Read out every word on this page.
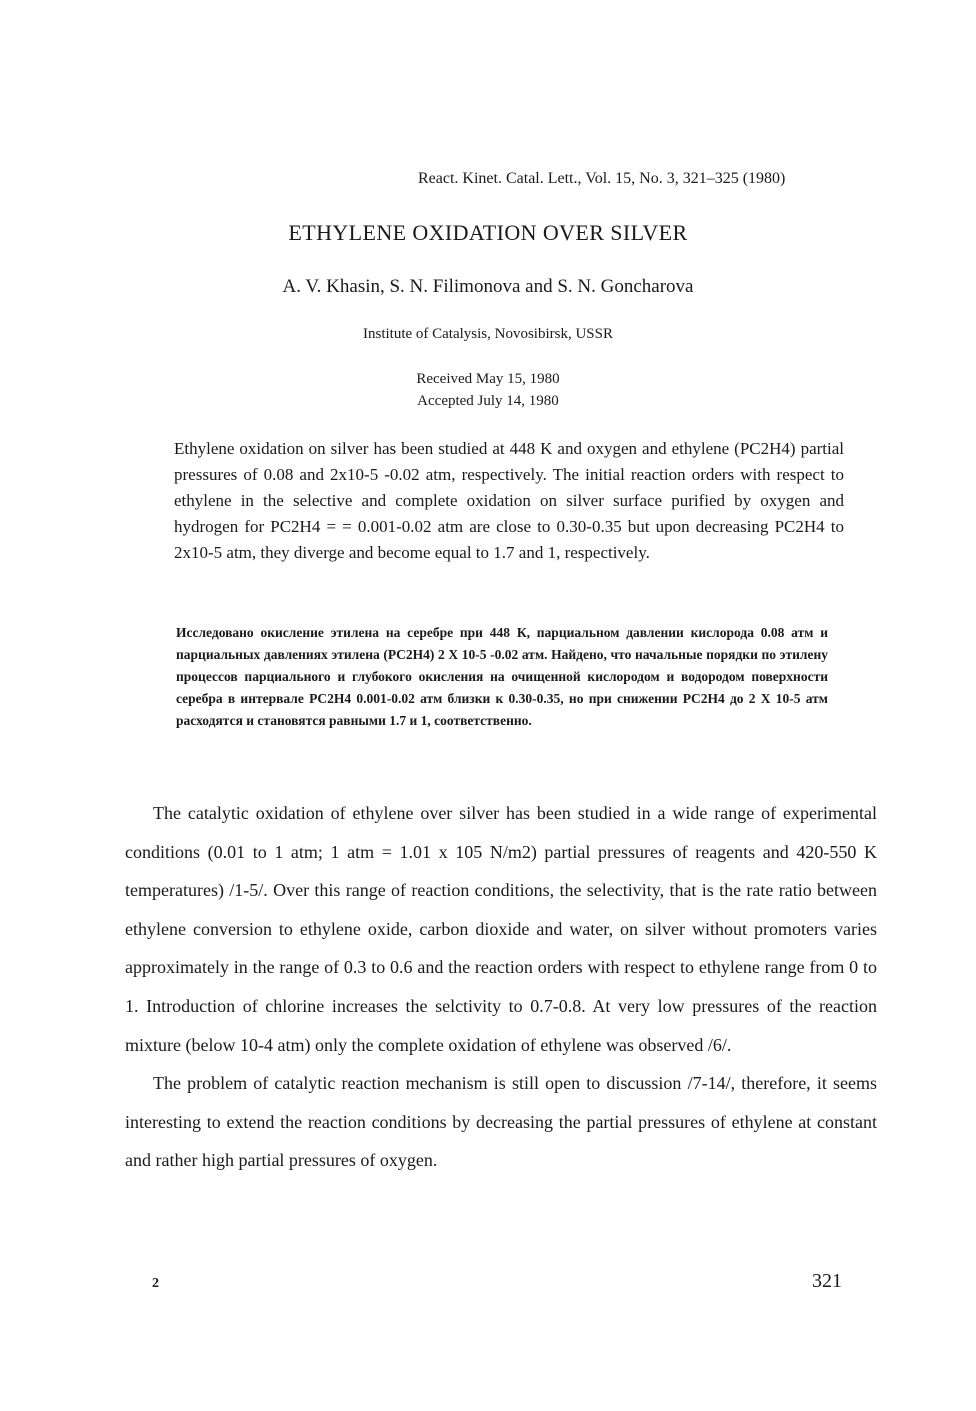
React. Kinet. Catal. Lett., Vol. 15, No. 3, 321–325 (1980)
ETHYLENE OXIDATION OVER SILVER
A. V. Khasin, S. N. Filimonova and S. N. Goncharova
Institute of Catalysis, Novosibirsk, USSR
Received May 15, 1980
Accepted July 14, 1980
Ethylene oxidation on silver has been studied at 448 K and oxygen and ethylene (PC2H4) partial pressures of 0.08 and 2x10-5 -0.02 atm, respectively. The initial reaction orders with respect to ethylene in the selective and complete oxidation on silver surface purified by oxygen and hydrogen for PC2H4 = = 0.001-0.02 atm are close to 0.30-0.35 but upon decreasing PC2H4 to 2x10-5 atm, they diverge and become equal to 1.7 and 1, respectively.
Исследовано окисление этилена на серебре при 448 К, парциальном давлении кислорода 0.08 атм и парциальных давлениях этилена (PC2H4) 2 X 10-5 -0.02 атм. Найдено, что начальные порядки по этилену процессов парциального и глубокого окисления на очищенной кислородом и водородом поверхности серебра в интервале PC2H4 0.001-0.02 атм близки к 0.30-0.35, но при снижении PC2H4 до 2 X 10-5 атм расходятся и становятся равными 1.7 и 1, соответственно.

The catalytic oxidation of ethylene over silver has been studied in a wide range of experimental conditions (0.01 to 1 atm; 1 atm = 1.01 x 105 N/m2) partial pressures of reagents and 420-550 K temperatures) /1-5/. Over this range of reaction conditions, the selectivity, that is the rate ratio between ethylene conversion to ethylene oxide, carbon dioxide and water, on silver without promoters varies approximately in the range of 0.3 to 0.6 and the reaction orders with respect to ethylene range from 0 to 1. Introduction of chlorine increases the selctivity to 0.7-0.8. At very low pressures of the reaction mixture (below 10-4 atm) only the complete oxidation of ethylene was observed /6/.

The problem of catalytic reaction mechanism is still open to discussion /7-14/, therefore, it seems interesting to extend the reaction conditions by decreasing the partial pressures of ethylene at constant and rather high partial pressures of oxygen.

2	321
